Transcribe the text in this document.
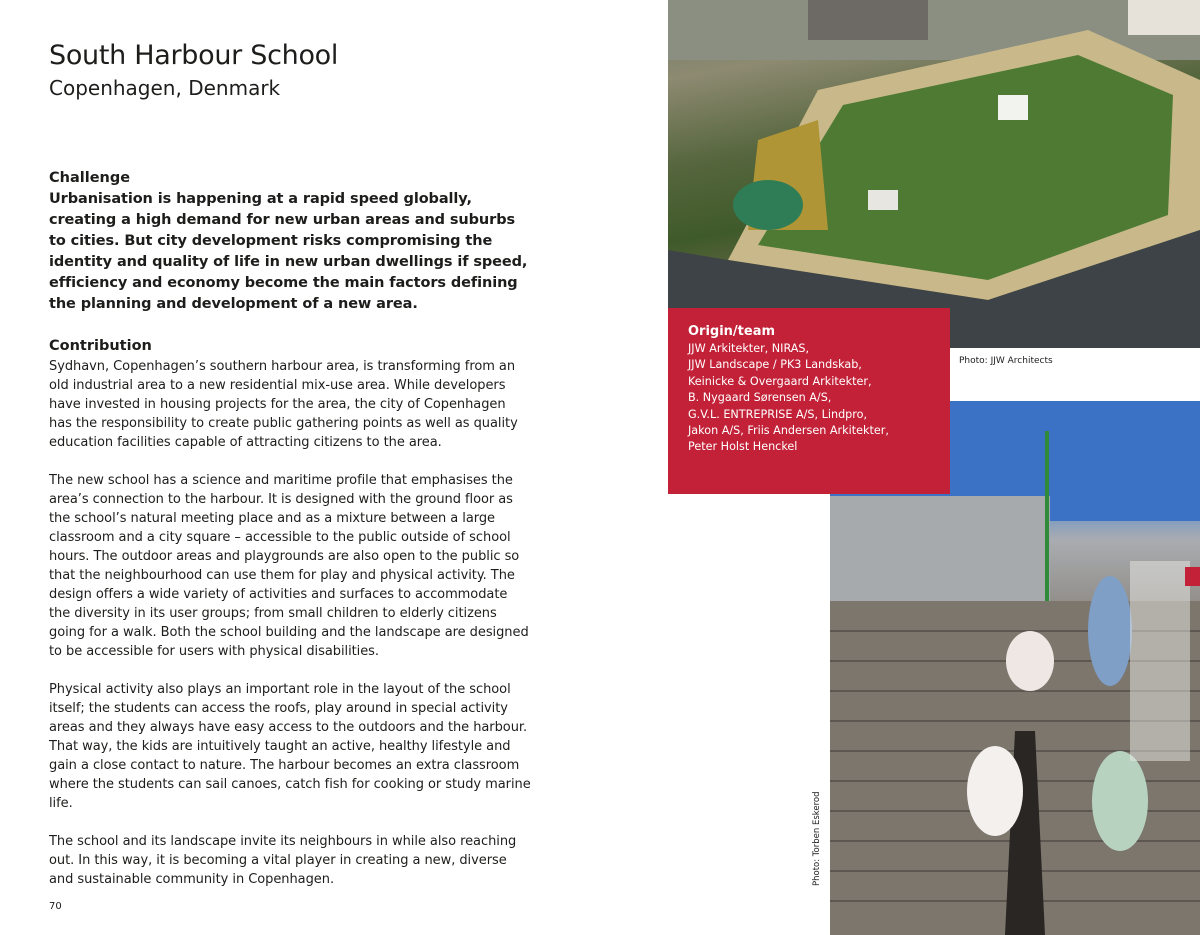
South Harbour School
Copenhagen, Denmark

Challenge

Urbanisation is happening at a rapid speed globally, creating a high demand for new urban areas and suburbs to cities. But city development risks compromising the identity and quality of life in new urban dwellings if speed, efficiency and economy become the main factors defining the planning and development of a new area.

Contribution

Sydhavn, Copenhagen’s southern harbour area, is transforming from an old industrial area to a new residential mix-use area. While developers have invested in housing projects for the area, the city of Copenhagen has the responsibility to create public gathering points as well as quality education facilities capable of attracting citizens to the area.

The new school has a science and maritime profile that emphasises the area’s connection to the harbour. It is designed with the ground floor as the school’s natural meeting place and as a mixture between a large classroom and a city square – accessible to the public outside of school hours. The outdoor areas and playgrounds are also open to the public so that the neighbourhood can use them for play and physical activity. The design offers a wide variety of activities and surfaces to accommodate the diversity in its user groups; from small children to elderly citizens going for a walk. Both the school building and the landscape are designed to be accessible for users with physical disabilities.

Physical activity also plays an important role in the layout of the school itself; the students can access the roofs, play around in special activity areas and they always have easy access to the outdoors and the harbour. That way, the kids are intuitively taught an active, healthy lifestyle and gain a close contact to nature. The harbour becomes an extra classroom where the students can sail canoes, catch fish for cooking or study marine life.

The school and its landscape invite its neighbours in while also reaching out. In this way, it is becoming a vital player in creating a new, diverse and sustainable community in Copenhagen.

70
Photo: JJW Architects
Photo: Torben Eskerod

Origin/team

JJW Arkitekter, NIRAS,

JJW Landscape / PK3 Landskab,

Keinicke & Overgaard Arkitekter,

B. Nygaard Sørensen A/S,

G.V.L. ENTREPRISE A/S, Lindpro,

Jakon A/S, Friis Andersen Arkitekter,

Peter Holst Henckel
